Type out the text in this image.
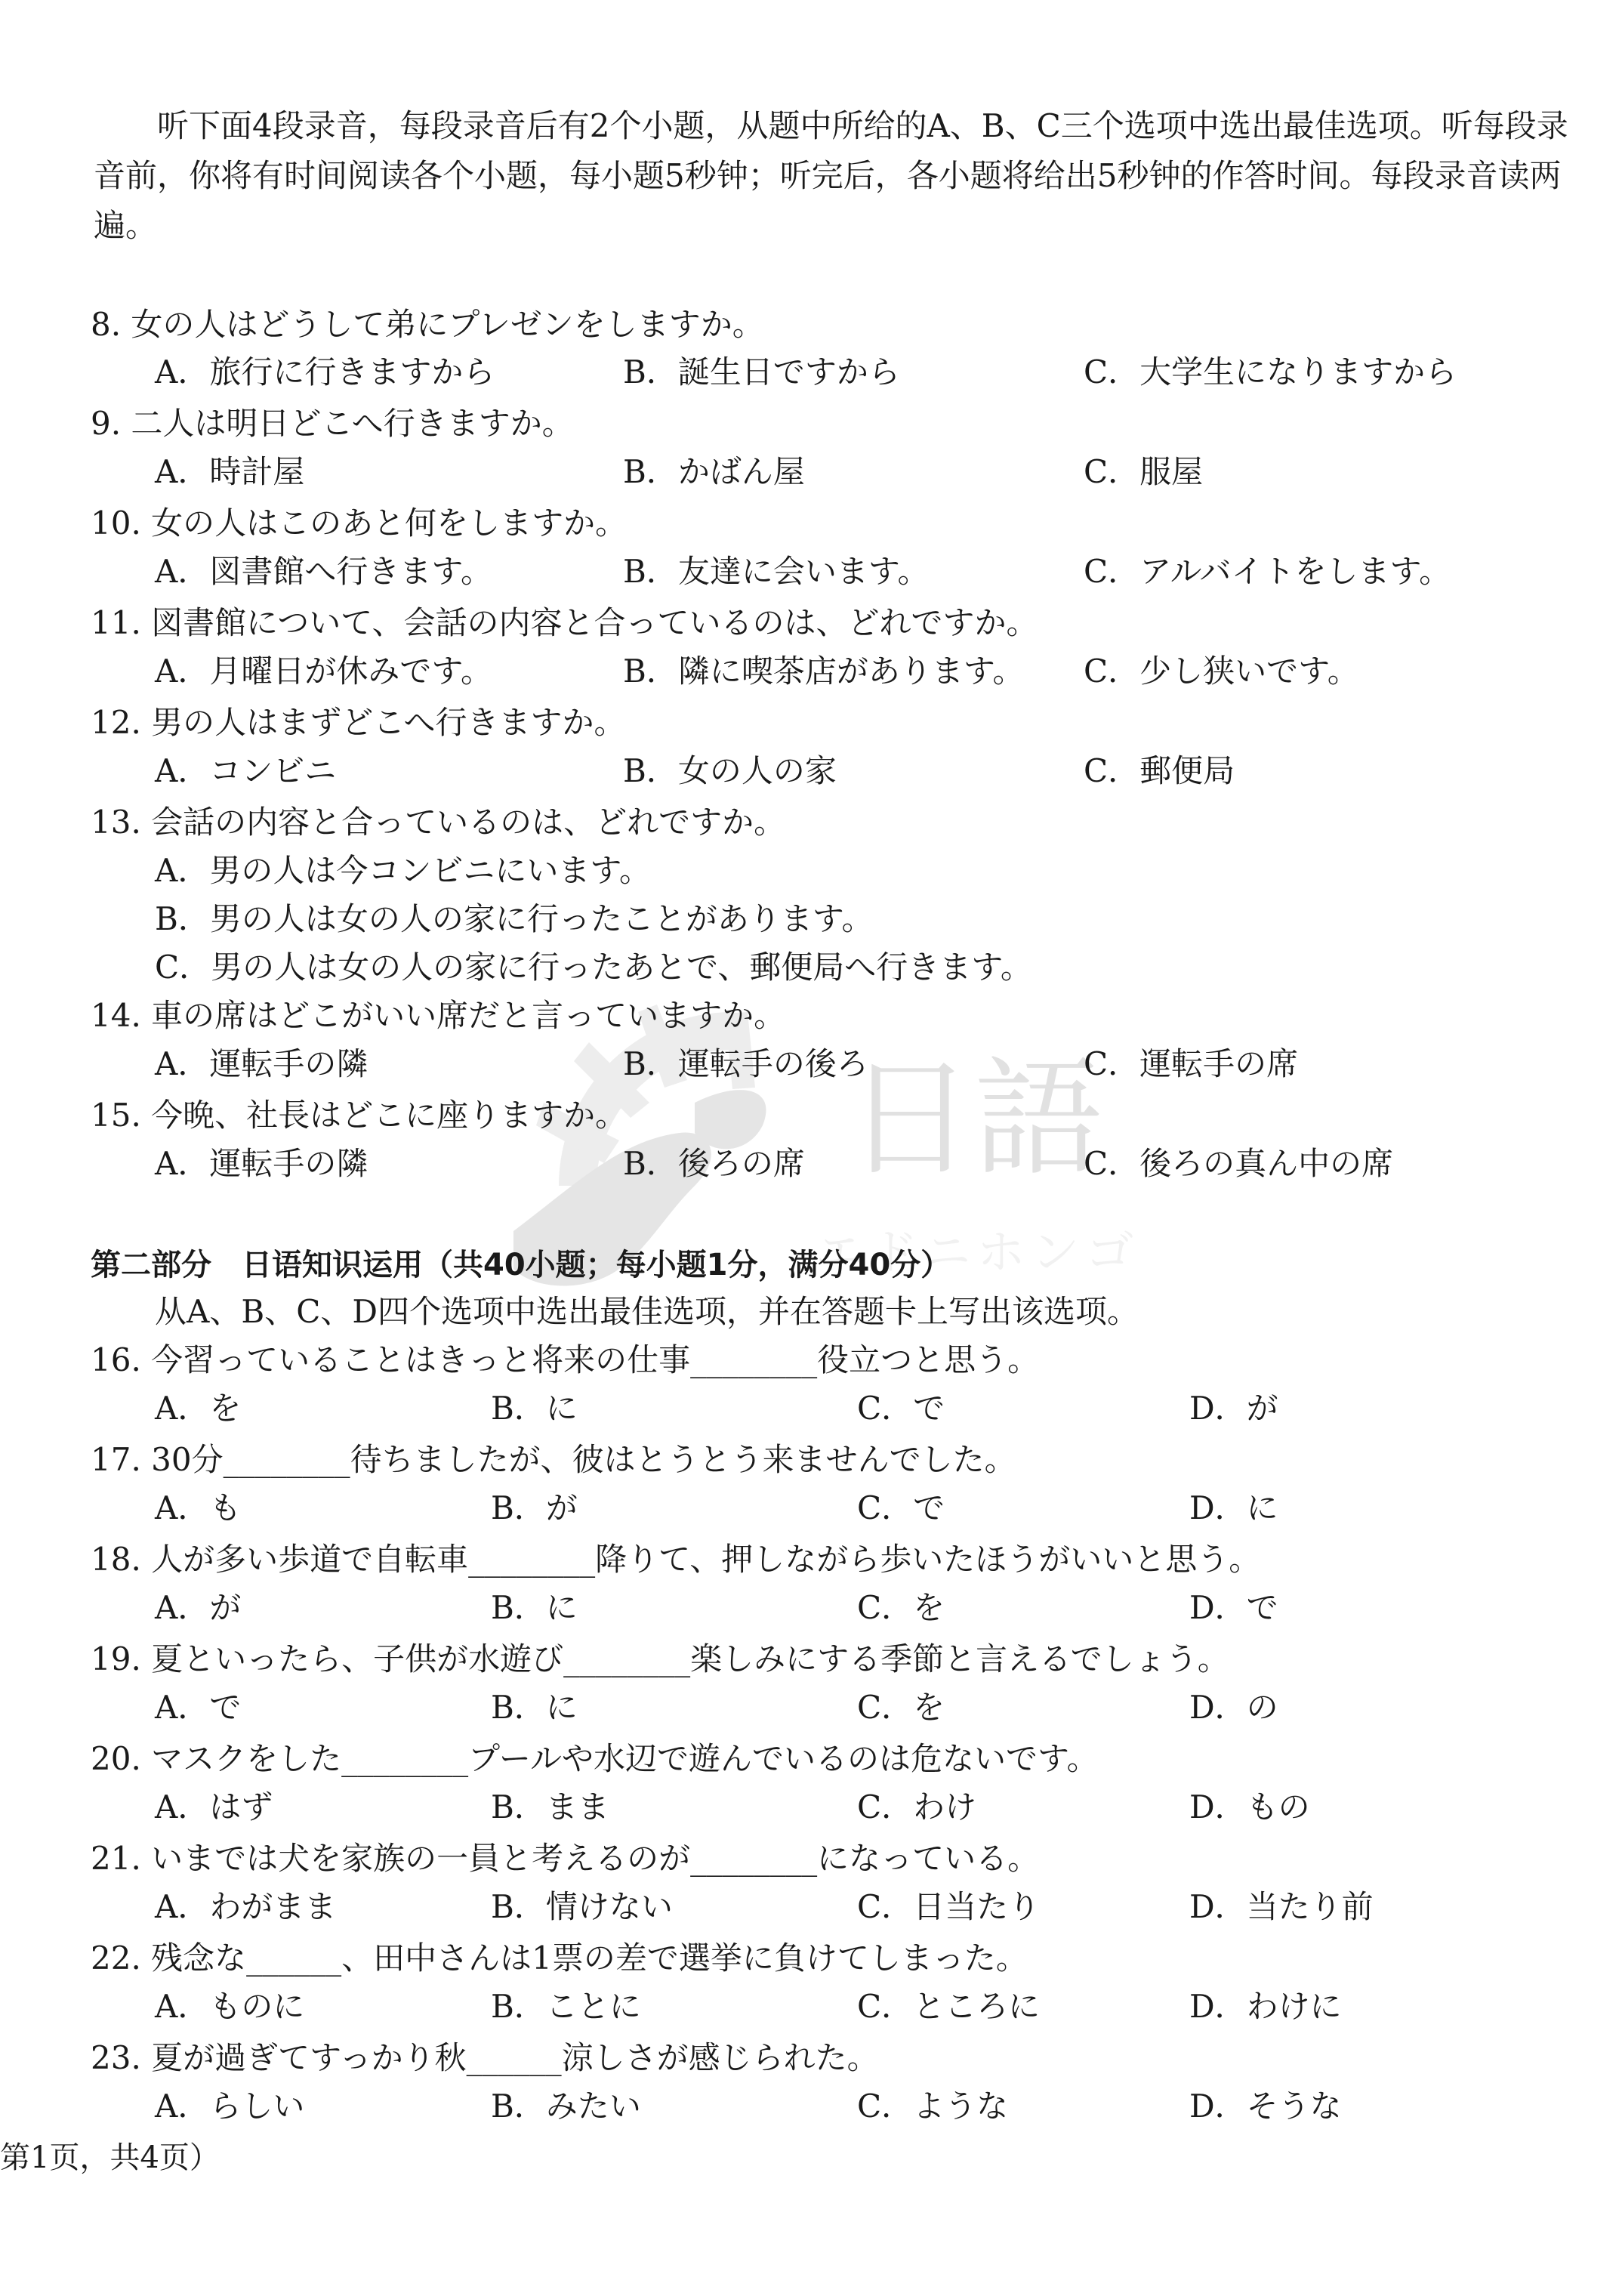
日語
エドニホンゴ
听下面4段录音，每段录音后有2个小题，从题中所给的A、B、C三个选项中选出最佳选项。听每段录音前，你将有时间阅读各个小题，每小题5秒钟；听完后，各小题将给出5秒钟的作答时间。每段录音读两遍。
8. 女の人はどうして弟にプレゼンをしますか。
A．旅行に行きますから	B．誕生日ですから	C．大学生になりますから
9. 二人は明日どこへ行きますか。
A．時計屋	B．かばん屋	C．服屋
10. 女の人はこのあと何をしますか。
A．図書館へ行きます。	B．友達に会います。	C．アルバイトをします。
11. 図書館について、会話の内容と合っているのは、どれですか。
A．月曜日が休みです。	B．隣に喫茶店があります。 C．少し狭いです。
12. 男の人はまずどこへ行きますか。
A．コンビニ	B．女の人の家	C．郵便局
13. 会話の内容と合っているのは、どれですか。
A．男の人は今コンビニにいます。
B．男の人は女の人の家に行ったことがあります。
C．男の人は女の人の家に行ったあとで、郵便局へ行きます。
14. 車の席はどこがいい席だと言っていますか。
A．運転手の隣	B．運転手の後ろ	C．運転手の席
15. 今晩、社長はどこに座りますか。
A．運転手の隣	B．後ろの席	C．後ろの真ん中の席
第二部分　日语知识运用（共40小题；每小题1分，满分40分）
从A、B、C、D四个选项中选出最佳选项，并在答题卡上写出该选项。
16. 今習っていることはきっと将来の仕事________役立つと思う。
A．を	B．に	C．で	D．が
17. 30分________待ちましたが、彼はとうとう来ませんでした。
A．も	B．が	C．で	D．に
18. 人が多い歩道で自転車________降りて、押しながら歩いたほうがいいと思う。
A．が	B．に	C．を	D．で
19. 夏といったら、子供が水遊び________楽しみにする季節と言えるでしょう。
A．で	B．に	C．を	D．の
20. マスクをした________プールや水辺で遊んでいるのは危ないです。
A．はず	B．まま	C．わけ	D．もの
21. いまでは犬を家族の一員と考えるのが________になっている。
A．わがまま	B．情けない	C．日当たり	D．当たり前
22. 残念な______、田中さんは1票の差で選挙に負けてしまった。
A．ものに	B．ことに	C．ところに	D．わけに
23. 夏が過ぎてすっかり秋______涼しさが感じられた。
A．らしい	B．みたい	C．ような	D．そうな
第1页，共4页）
